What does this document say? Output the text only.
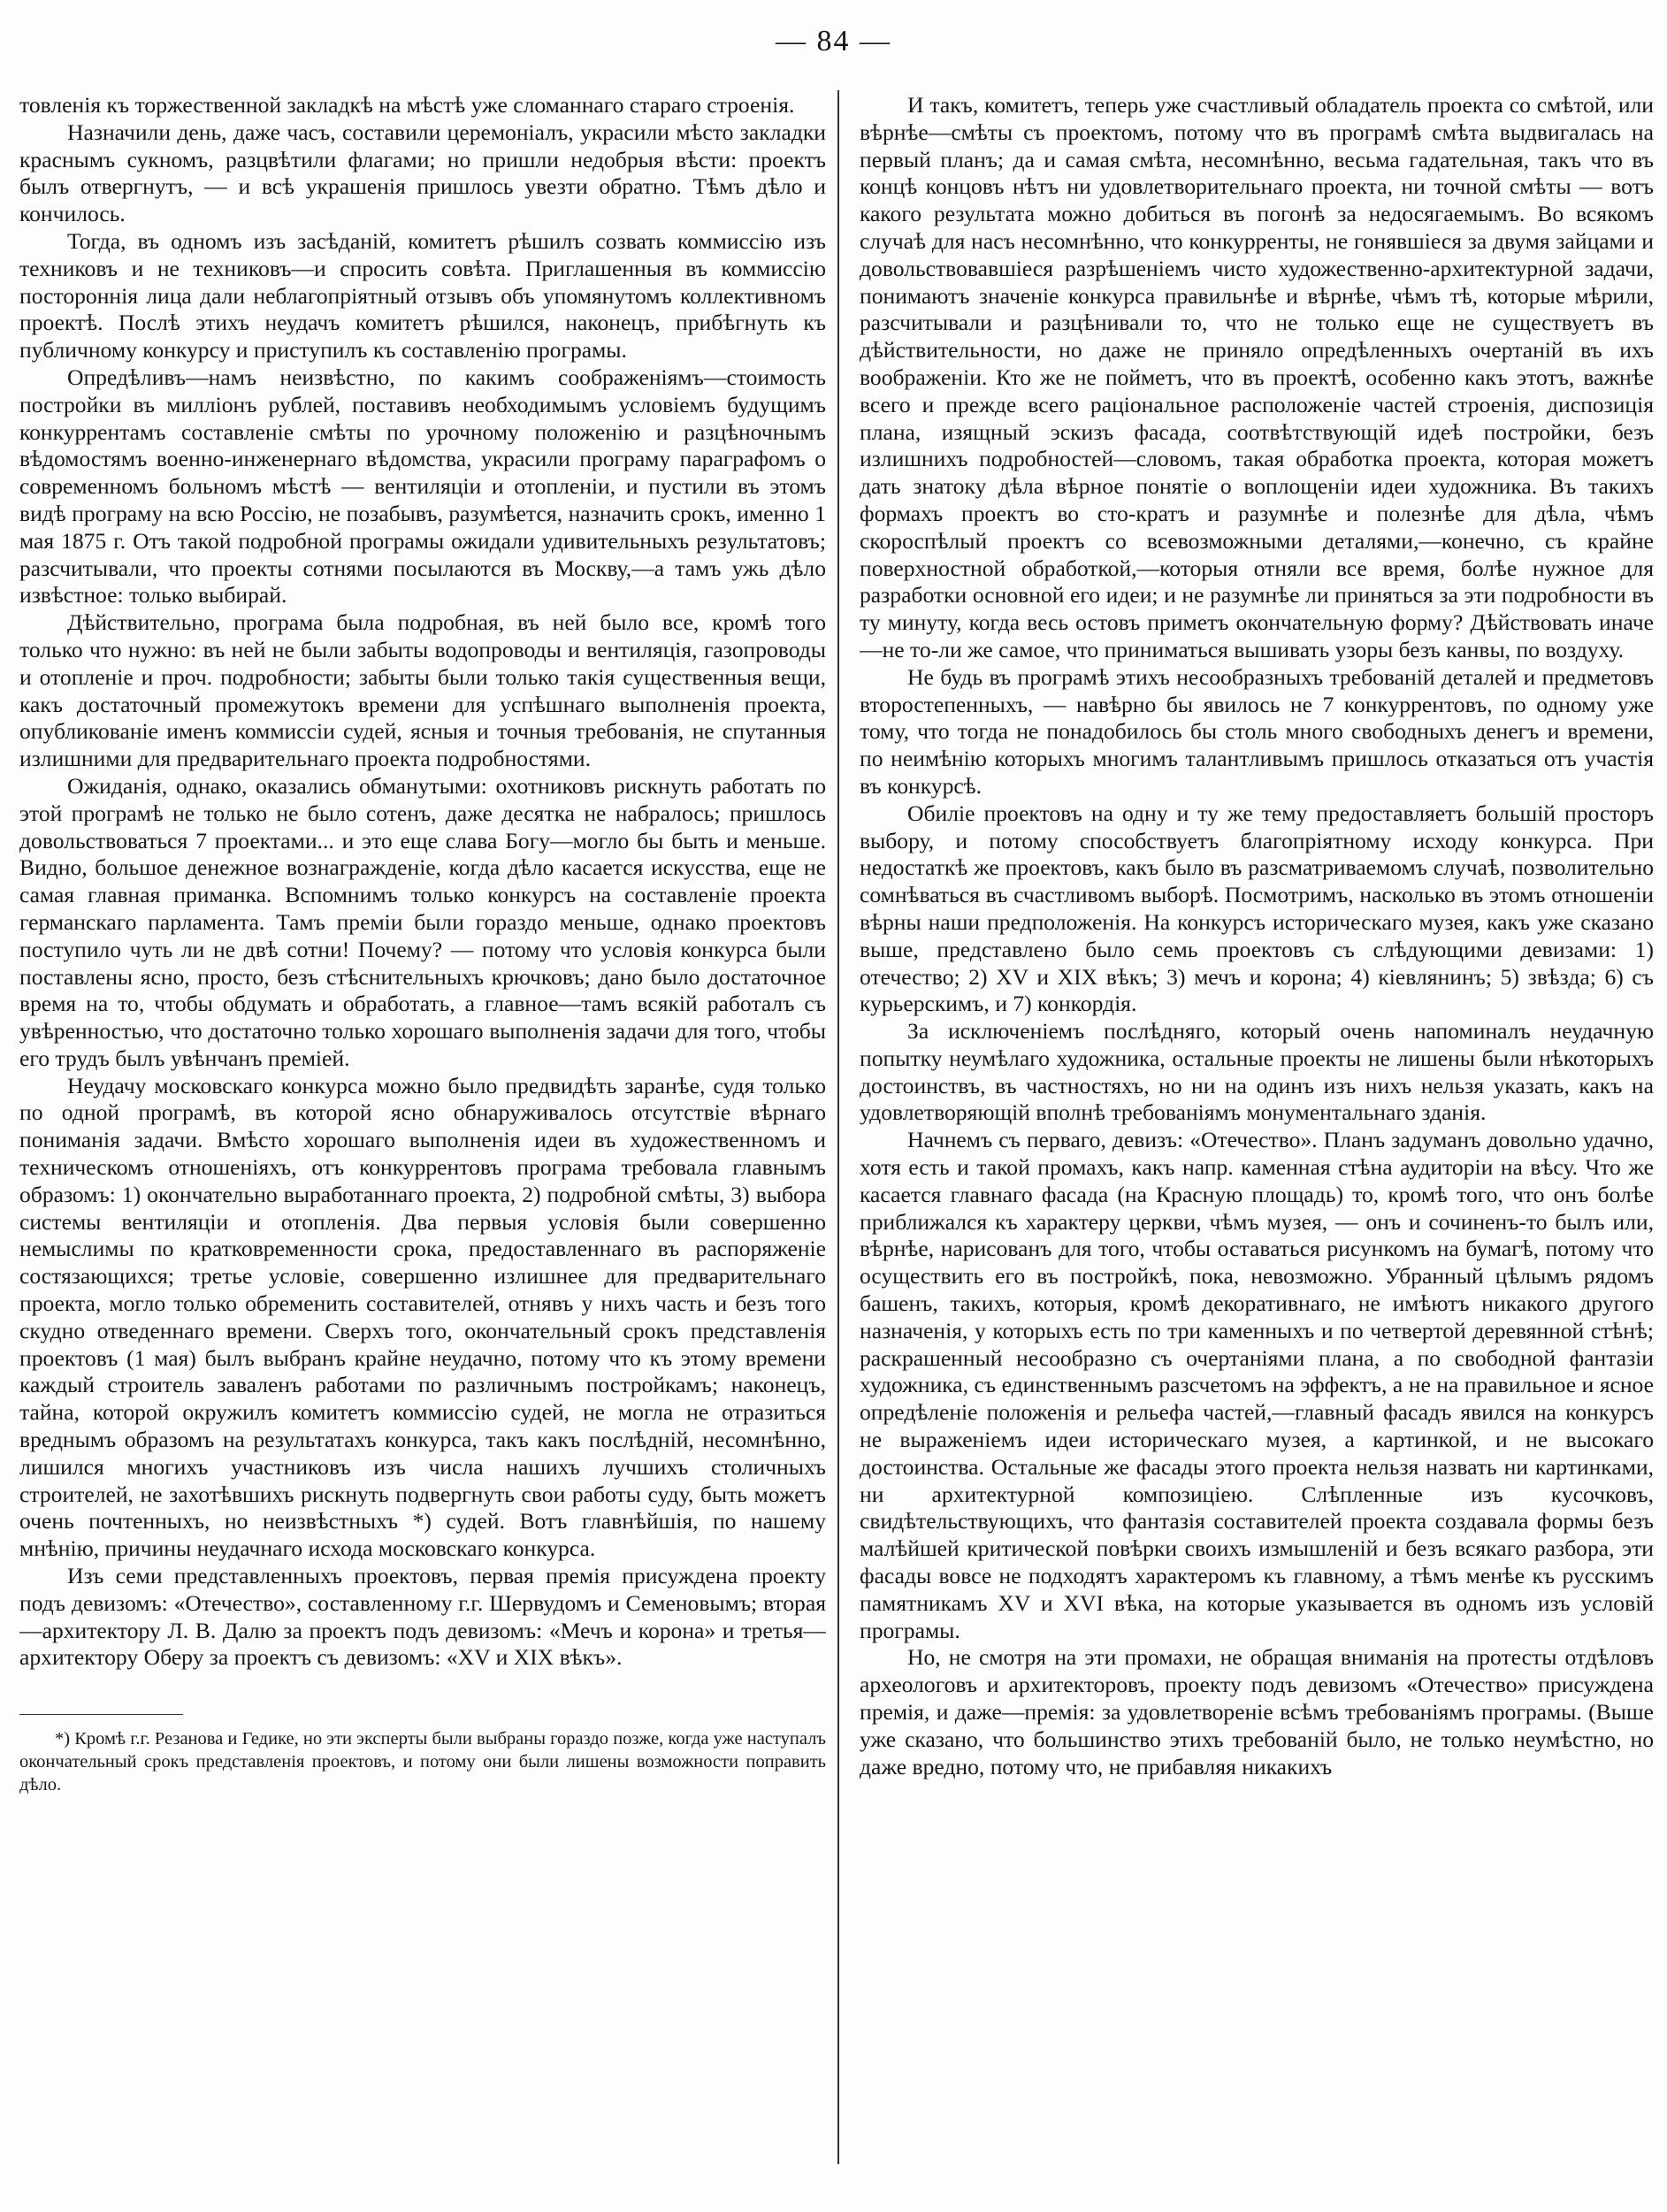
— 84 —

товленія къ торжественной закладкѣ на мѣстѣ уже сломаннаго стараго строенія.

Назначили день, даже часъ, составили церемоніалъ, украсили мѣсто закладки краснымъ сукномъ, разцвѣтили флагами; но пришли недобрыя вѣсти: проектъ былъ отвергнутъ, — и всѣ украшенія пришлось увезти обратно. Тѣмъ дѣло и кончилось.

Тогда, въ одномъ изъ засѣданій, комитетъ рѣшилъ созвать коммиссію изъ техниковъ и не техниковъ—и спросить совѣта. Приглашенныя въ коммиссію постороннія лица дали неблагопріятный отзывъ объ упомянутомъ коллективномъ проектѣ. Послѣ этихъ неудачъ комитетъ рѣшился, наконецъ, прибѣгнуть къ публичному конкурсу и приступилъ къ составленію програмы.

Опредѣливъ—намъ неизвѣстно, по какимъ соображеніямъ—стоимость постройки въ милліонъ рублей, поставивъ необходимымъ условіемъ будущимъ конкуррентамъ составленіе смѣты по урочному положенію и разцѣночнымъ вѣдомостямъ военно-инженернаго вѣдомства, украсили програму параграфомъ о современномъ больномъ мѣстѣ — вентиляціи и отопленіи, и пустили въ этомъ видѣ програму на всю Россію, не позабывъ, разумѣется, назначить срокъ, именно 1 мая 1875 г. Отъ такой подробной програмы ожидали удивительныхъ результатовъ; разсчитывали, что проекты сотнями посылаются въ Москву,—а тамъ ужь дѣло извѣстное: только выбирай.

Дѣйствительно, програма была подробная, въ ней было все, кромѣ того только что нужно: въ ней не были забыты водопроводы и вентиляція, газопроводы и отопленіе и проч. подробности; забыты были только такія существенныя вещи, какъ достаточный промежутокъ времени для успѣшнаго выполненія проекта, опубликованіе именъ коммиссіи судей, ясныя и точныя требованія, не спутанныя излишними для предварительнаго проекта подробностями.

Ожиданія, однако, оказались обманутыми: охотниковъ рискнуть работать по этой програмѣ не только не было сотенъ, даже десятка не набралось; пришлось довольствоваться 7 проектами... и это еще слава Богу—могло бы быть и меньше. Видно, большое денежное вознагражденіе, когда дѣло касается искусства, еще не самая главная приманка. Вспомнимъ только конкурсъ на составленіе проекта германскаго парламента. Тамъ преміи были гораздо меньше, однако проектовъ поступило чуть ли не двѣ сотни! Почему? — потому что условія конкурса были поставлены ясно, просто, безъ стѣснительныхъ крючковъ; дано было достаточное время на то, чтобы обдумать и обработать, а главное—тамъ всякій работалъ съ увѣренностью, что достаточно только хорошаго выполненія задачи для того, чтобы его трудъ былъ увѣнчанъ преміей.

Неудачу московскаго конкурса можно было предвидѣть заранѣе, судя только по одной програмѣ, въ которой ясно обнаруживалось отсутствіе вѣрнаго пониманія задачи. Вмѣсто хорошаго выполненія идеи въ художественномъ и техническомъ отношеніяхъ, отъ конкуррентовъ програма требовала главнымъ образомъ: 1) окончательно выработаннаго проекта, 2) подробной смѣты, 3) выбора системы вентиляціи и отопленія. Два первыя условія были совершенно немыслимы по кратковременности срока, предоставленнаго въ распоряженіе состязающихся; третье условіе, совершенно излишнее для предварительнаго проекта, могло только обременить составителей, отнявъ у нихъ часть и безъ того скудно отведеннаго времени. Сверхъ того, окончательный срокъ представленія проектовъ (1 мая) былъ выбранъ крайне неудачно, потому что къ этому времени каждый строитель заваленъ работами по различнымъ постройкамъ; наконецъ, тайна, которой окружилъ комитетъ коммиссію судей, не могла не отразиться вреднымъ образомъ на результатахъ конкурса, такъ какъ послѣдній, несомнѣнно, лишился многихъ участниковъ изъ числа нашихъ лучшихъ столичныхъ строителей, не захотѣвшихъ рискнуть подвергнуть свои работы суду, быть можетъ очень почтенныхъ, но неизвѣстныхъ *) судей. Вотъ главнѣйшія, по нашему мнѣнію, причины неудачнаго исхода московскаго конкурса.

Изъ семи представленныхъ проектовъ, первая премія присуждена проекту подъ девизомъ: «Отечество», составленному г.г. Шервудомъ и Семеновымъ; вторая—архитектору Л. В. Далю за проектъ подъ девизомъ: «Мечъ и корона» и третья—архитектору Оберу за проектъ съ девизомъ: «XV и XIX вѣкъ».

*) Кромѣ г.г. Резанова и Гедике, но эти эксперты были выбраны гораздо позже, когда уже наступалъ окончательный срокъ представленія проектовъ, и потому они были лишены возможности поправить дѣло.

И такъ, комитетъ, теперь уже счастливый обладатель проекта со смѣтой, или вѣрнѣе—смѣты съ проектомъ, потому что въ програмѣ смѣта выдвигалась на первый планъ; да и самая смѣта, несомнѣнно, весьма гадательная, такъ что въ концѣ концовъ нѣтъ ни удовлетворительнаго проекта, ни точной смѣты — вотъ какого результата можно добиться въ погонѣ за недосягаемымъ. Во всякомъ случаѣ для насъ несомнѣнно, что конкурренты, не гонявшіеся за двумя зайцами и довольствовавшіеся разрѣшеніемъ чисто художественно-архитектурной задачи, понимаютъ значеніе конкурса правильнѣе и вѣрнѣе, чѣмъ тѣ, которые мѣрили, разсчитывали и разцѣнивали то, что не только еще не существуетъ въ дѣйствительности, но даже не приняло опредѣленныхъ очертаній въ ихъ воображеніи. Кто же не пойметъ, что въ проектѣ, особенно какъ этотъ, важнѣе всего и прежде всего раціональное расположеніе частей строенія, диспозиція плана, изящный эскизъ фасада, соотвѣтствующій идеѣ постройки, безъ излишнихъ подробностей—словомъ, такая обработка проекта, которая можетъ дать знатоку дѣла вѣрное понятіе о воплощеніи идеи художника. Въ такихъ формахъ проектъ во сто-кратъ и разумнѣе и полезнѣе для дѣла, чѣмъ скороспѣлый проектъ со всевозможными деталями,—конечно, съ крайне поверхностной обработкой,—которыя отняли все время, болѣе нужное для разработки основной его идеи; и не разумнѣе ли приняться за эти подробности въ ту минуту, когда весь остовъ приметъ окончательную форму? Дѣйствовать иначе—не то-ли же самое, что приниматься вышивать узоры безъ канвы, по воздуху.

Не будь въ програмѣ этихъ несообразныхъ требованій деталей и предметовъ второстепенныхъ, — навѣрно бы явилось не 7 конкуррентовъ, по одному уже тому, что тогда не понадобилось бы столь много свободныхъ денегъ и времени, по неимѣнію которыхъ многимъ талантливымъ пришлось отказаться отъ участія въ конкурсѣ.

Обиліе проектовъ на одну и ту же тему предоставляетъ большій просторъ выбору, и потому способствуетъ благопріятному исходу конкурса. При недостаткѣ же проектовъ, какъ было въ разсматриваемомъ случаѣ, позволительно сомнѣваться въ счастливомъ выборѣ. Посмотримъ, насколько въ этомъ отношеніи вѣрны наши предположенія. На конкурсъ историческаго музея, какъ уже сказано выше, представлено было семь проектовъ съ слѣдующими девизами: 1) отечество; 2) XV и XIX вѣкъ; 3) мечъ и корона; 4) кіевлянинъ; 5) звѣзда; 6) съ курьерскимъ, и 7) конкордія.

За исключеніемъ послѣдняго, который очень напоминалъ неудачную попытку неумѣлаго художника, остальные проекты не лишены были нѣкоторыхъ достоинствъ, въ частностяхъ, но ни на одинъ изъ нихъ нельзя указать, какъ на удовлетворяющій вполнѣ требованіямъ монументальнаго зданія.

Начнемъ съ перваго, девизъ: «Отечество». Планъ задуманъ довольно удачно, хотя есть и такой промахъ, какъ напр. каменная стѣна аудиторіи на вѣсу. Что же касается главнаго фасада (на Красную площадь) то, кромѣ того, что онъ болѣе приближался къ характеру церкви, чѣмъ музея, — онъ и сочиненъ-то былъ или, вѣрнѣе, нарисованъ для того, чтобы оставаться рисункомъ на бумагѣ, потому что осуществить его въ постройкѣ, пока, невозможно. Убранный цѣлымъ рядомъ башенъ, такихъ, которыя, кромѣ декоративнаго, не имѣютъ никакого другого назначенія, у которыхъ есть по три каменныхъ и по четвертой деревянной стѣнѣ; раскрашенный несообразно съ очертаніями плана, а по свободной фантазіи художника, съ единственнымъ разсчетомъ на эффектъ, а не на правильное и ясное опредѣленіе положенія и рельефа частей,—главный фасадъ явился на конкурсъ не выраженіемъ идеи историческаго музея, а картинкой, и не высокаго достоинства. Остальные же фасады этого проекта нельзя назвать ни картинками, ни архитектурной композиціею. Слѣпленные изъ кусочковъ, свидѣтельствующихъ, что фантазія составителей проекта создавала формы безъ малѣйшей критической повѣрки своихъ измышленій и безъ всякаго разбора, эти фасады вовсе не подходятъ характеромъ къ главному, а тѣмъ менѣе къ русскимъ памятникамъ XV и XVI вѣка, на которые указывается въ одномъ изъ условій програмы.

Но, не смотря на эти промахи, не обращая вниманія на протесты отдѣловъ археологовъ и архитекторовъ, проекту подъ девизомъ «Отечество» присуждена премія, и даже—премія: за удовлетвореніе всѣмъ требованіямъ програмы. (Выше уже сказано, что большинство этихъ требованій было, не только неумѣстно, но даже вредно, потому что, не прибавляя никакихъ
